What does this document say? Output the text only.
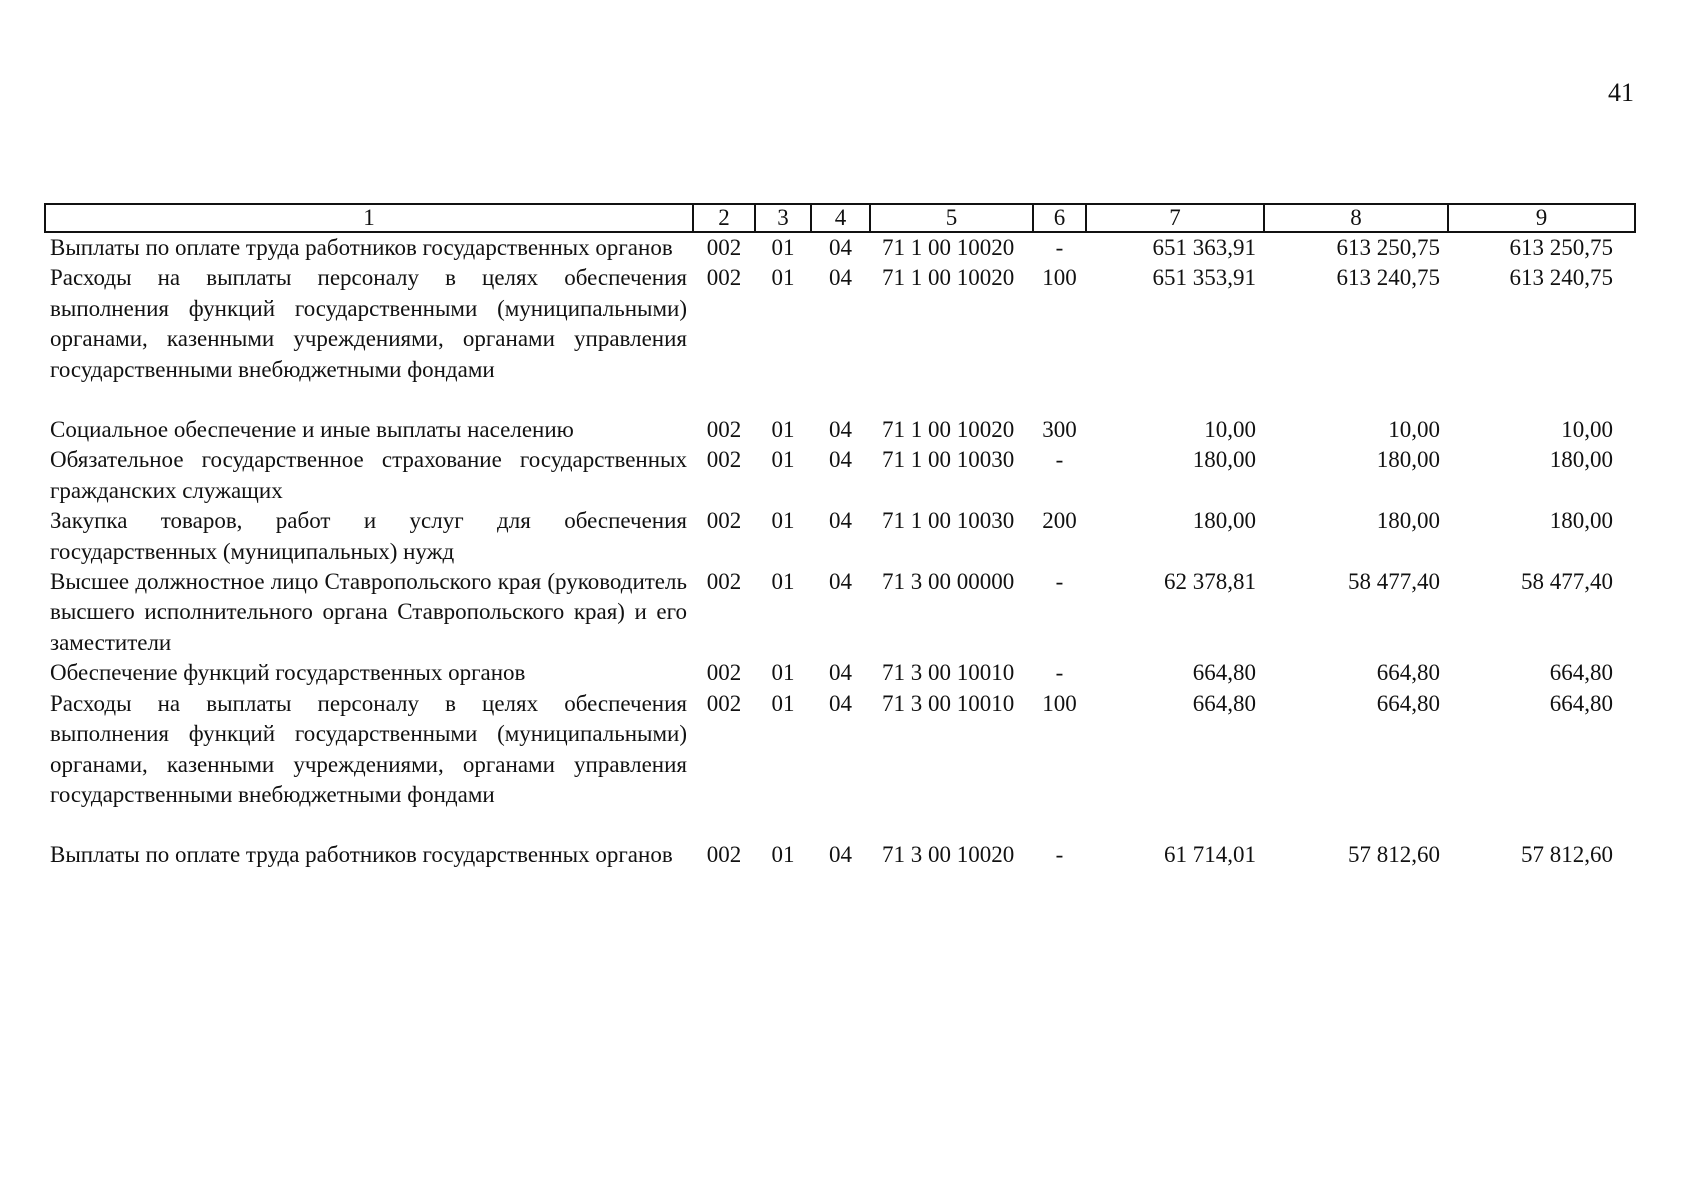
41
1	2	3	4	5	6	7	8	9
Выплаты по оплате труда работников государственных органов	002	01	04	71 1 00 10020	-	651 363,91	613 250,75	613 250,75
Расходы на выплаты персоналу в целях обеспечения выполнения функций государственными (муниципальными) органами, казенными учреждениями, органами управления государственными внебюджетными фондами	002	01	04	71 1 00 10020	100	651 353,91	613 240,75	613 240,75
Социальное обеспечение и иные выплаты населению	002	01	04	71 1 00 10020	300	10,00	10,00	10,00
Обязательное государственное страхование государственных гражданских служащих	002	01	04	71 1 00 10030	-	180,00	180,00	180,00
Закупка товаров, работ и услуг для обеспечения государственных (муниципальных) нужд	002	01	04	71 1 00 10030	200	180,00	180,00	180,00
Высшее должностное лицо Ставропольского края (руководитель высшего исполнительного органа Ставропольского края) и его заместители	002	01	04	71 3 00 00000	-	62 378,81	58 477,40	58 477,40
Обеспечение функций государственных органов	002	01	04	71 3 00 10010	-	664,80	664,80	664,80
Расходы на выплаты персоналу в целях обеспечения выполнения функций государственными (муниципальными) органами, казенными учреждениями, органами управления государственными внебюджетными фондами	002	01	04	71 3 00 10010	100	664,80	664,80	664,80
Выплаты по оплате труда работников государственных органов	002	01	04	71 3 00 10020	-	61 714,01	57 812,60	57 812,60
